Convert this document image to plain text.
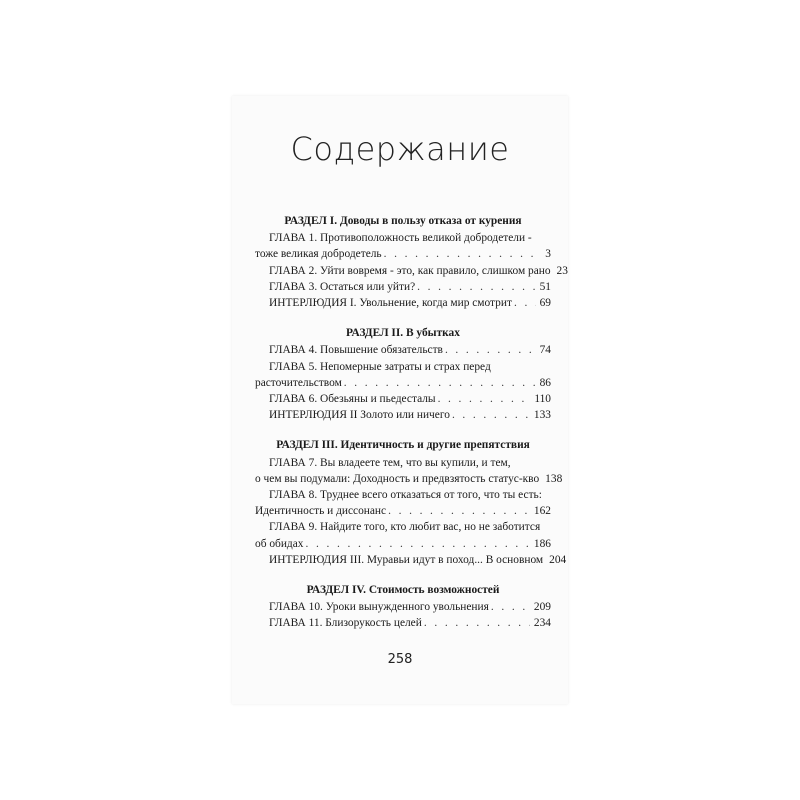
Содержание
РАЗДЕЛ I. Доводы в пользу отказа от курения
ГЛАВА 1. Противоположность великой добродетели -
тоже великая добродетель . . .	3
ГЛАВА 2. Уйти вовремя - это, как правило, слишком рано 23
ГЛАВА 3. Остаться или уйти? . . .	51
ИНТЕРЛЮДИЯ I. Увольнение, когда мир смотрит . . . 69
РАЗДЕЛ II. В убытках
ГЛАВА 4. Повышение обязательств . . .	74
ГЛАВА 5. Непомерные затраты и страх перед
расточительством . . .	86
ГЛАВА 6. Обезьяны и пьедесталы . . .	110
ИНТЕРЛЮДИЯ II Золото или ничего . . .	133
РАЗДЕЛ III. Идентичность и другие препятствия
ГЛАВА 7. Вы владеете тем, что вы купили, и тем,
о чем вы подумали: Доходность и предвзятость статус-кво 138
ГЛАВА 8. Труднее всего отказаться от того, что ты есть:
Идентичность и диссонанс . . .	162
ГЛАВА 9. Найдите того, кто любит вас, но не заботится
об обидах . . .	186
ИНТЕРЛЮДИЯ III. Муравьи идут в поход... В основном 204
РАЗДЕЛ IV. Стоимость возможностей
ГЛАВА 10. Уроки вынужденного увольнения . . .	209
ГЛАВА 11. Близорукость целей . . .	234
258
